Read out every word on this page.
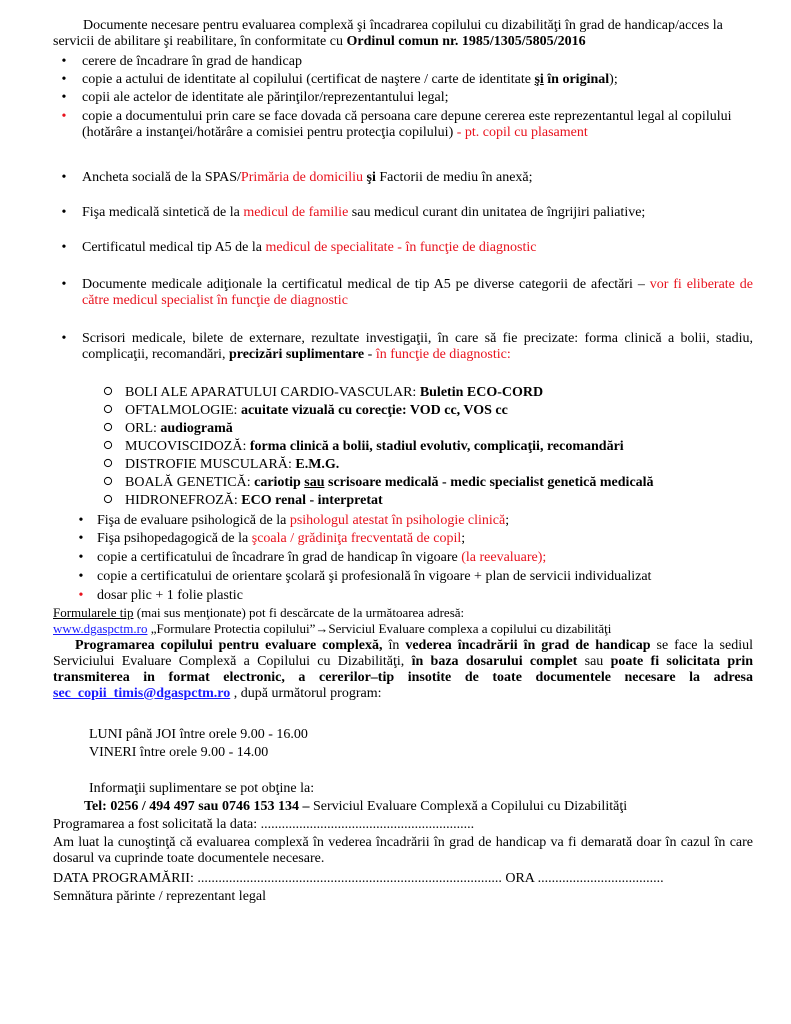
Documente necesare pentru evaluarea complexă şi încadrarea copilului cu dizabilităţi în grad de handicap/acces la servicii de abilitare şi reabilitare, în conformitate cu Ordinul comun nr. 1985/1305/5805/2016
• cerere de încadrare în grad de handicap
• copie a actului de identitate al copilului (certificat de naştere / carte de identitate şi în original);
• copii ale actelor de identitate ale părinţilor/reprezentantului legal;
• copie a documentului prin care se face dovada că persoana care depune cererea este reprezentantul legal al copilului (hotărâre a instanţei/hotărâre a comisiei pentru protecţia copilului) - pt. copil cu plasament
• Ancheta socială de la SPAS/Primăria de domiciliu şi Factorii de mediu în anexă;
• Fişa medicală sintetică de la medicul de familie sau medicul curant din unitatea de îngrijiri paliative;
• Certificatul medical tip A5 de la medicul de specialitate - în funcţie de diagnostic
• Documente medicale adiţionale la certificatul medical de tip A5 pe diverse categorii de afectări – vor fi eliberate de către medicul specialist în funcţie de diagnostic
• Scrisori medicale, bilete de externare, rezultate investigaţii, în care să fie precizate: forma clinică a bolii, stadiu, complicaţii, recomandări, precizări suplimentare - în funcţie de diagnostic:
BOLI ALE APARATULUI CARDIO-VASCULAR: Buletin ECO-CORD
OFTALMOLOGIE: acuitate vizuală cu corecţie: VOD cc, VOS cc
ORL: audiogramă
MUCOVISCIDOZĂ: forma clinică a bolii, stadiul evolutiv, complicaţii, recomandări
DISTROFIE MUSCULARĂ: E.M.G.
BOALĂ GENETICĂ: cariotip sau scrisoare medicală - medic specialist genetică medicală
HIDRONEFROZĂ: ECO renal - interpretat
• Fişa de evaluare psihologică de la psihologul atestat în psihologie clinică;
• Fişa psihopedagogică de la şcoala / grădiniţa frecventată de copil;
• copie a certificatului de încadrare în grad de handicap în vigoare (la reevaluare);
• copie a certificatului de orientare şcolară şi profesională în vigoare + plan de servicii individualizat
• dosar plic + 1 folie plastic
Formularele tip (mai sus menţionate) pot fi descărcate de la următoarea adresă:
www.dgaspctm.ro „Formulare Protectia copilului”→Serviciul Evaluare complexa a copilului cu dizabilităţi
Programarea copilului pentru evaluare complexă, în vederea încadrării în grad de handicap se face la sediul Serviciului Evaluare Complexă a Copilului cu Dizabilităţi, în baza dosarului complet sau poate fi solicitata prin transmiterea in format electronic, a cererilor–tip insotite de toate documentele necesare la adresa sec_copii_timis@dgaspctm.ro , după următorul program:
LUNI până JOI între orele 9.00 - 16.00
VINERI între orele 9.00 - 14.00
Informaţii suplimentare se pot obţine la:
Tel: 0256 / 494 497 sau 0746 153 134 – Serviciul Evaluare Complexă a Copilului cu Dizabilităţi
Programarea a fost solicitată la data: .............................................................
Am luat la cunoştinţă că evaluarea complexă în vederea încadrării în grad de handicap va fi demarată doar în cazul în care dosarul va cuprinde toate documentele necesare.
DATA PROGRAMĂRII: ....................................................................................... ORA ....................................
Semnătura părinte / reprezentant legal
